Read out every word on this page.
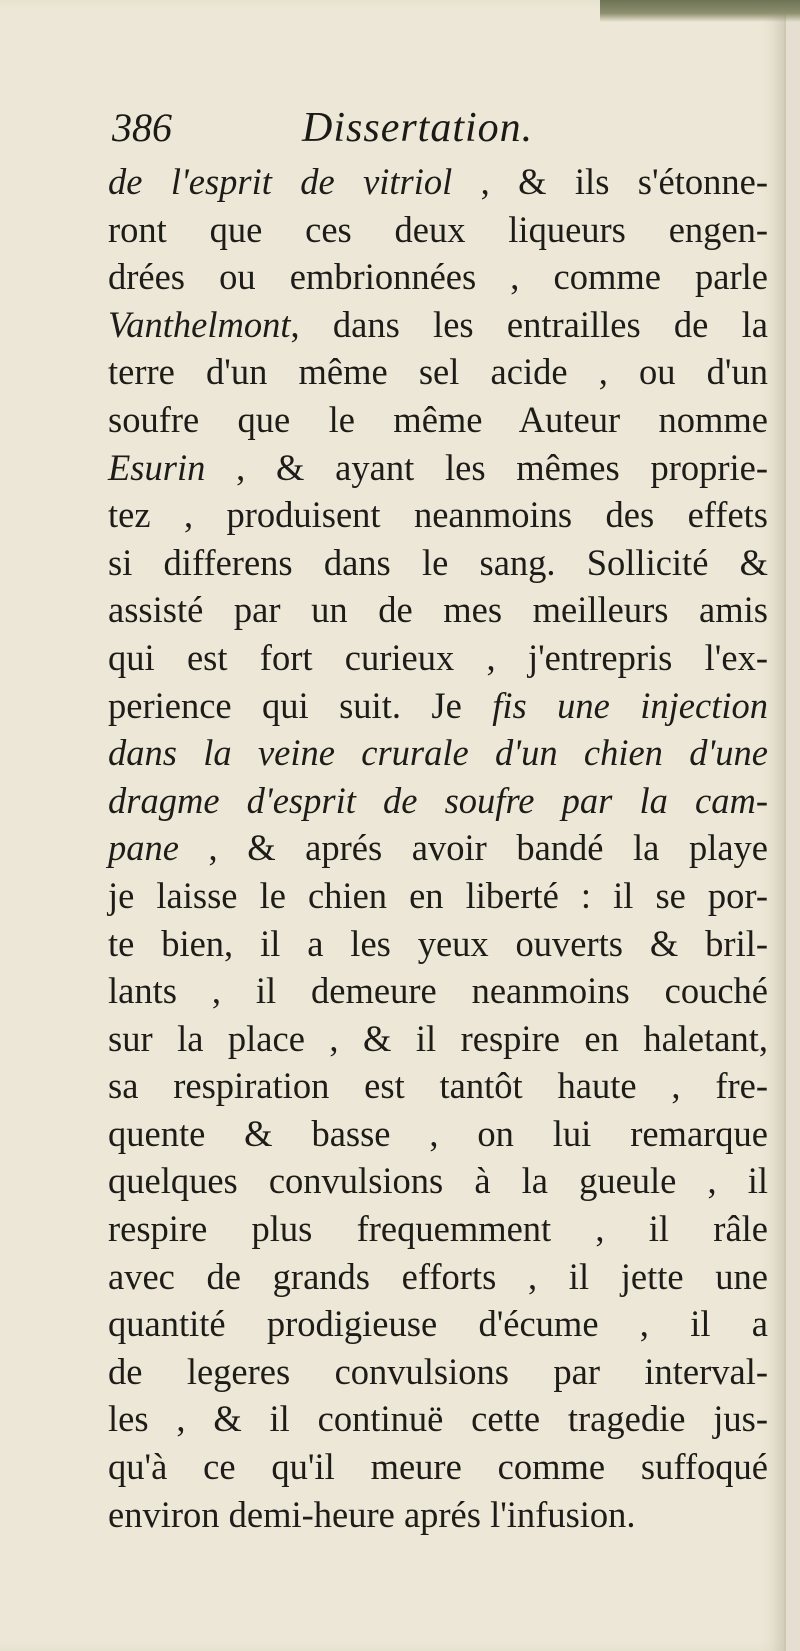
386	Dissertation.
de l'esprit de vitriol , & ils s'étonne-
ront que ces deux liqueurs engen-
drées ou embrionnées , comme parle
Vanthelmont, dans les entrailles de la
terre d'un même sel acide , ou d'un
soufre que le même Auteur nomme
Esurin , & ayant les mêmes proprie-
tez , produisent neanmoins des effets
si differens dans le sang. Sollicité &
assisté par un de mes meilleurs amis
qui est fort curieux , j'entrepris l'ex-
perience qui suit. Je fis une injection
dans la veine crurale d'un chien d'une
dragme d'esprit de soufre par la cam-
pane , & aprés avoir bandé la playe
je laisse le chien en liberté : il se por-
te bien, il a les yeux ouverts & bril-
lants , il demeure neanmoins couché
sur la place , & il respire en haletant,
sa respiration est tantôt haute , fre-
quente & basse , on lui remarque
quelques convulsions à la gueule , il
respire plus frequemment , il râle
avec de grands efforts , il jette une
quantité prodigieuse d'écume , il a
de legeres convulsions par interval-
les , & il continuë cette tragedie jus-
qu'à ce qu'il meure comme suffoqué
environ demi-heure aprés l'infusion.
